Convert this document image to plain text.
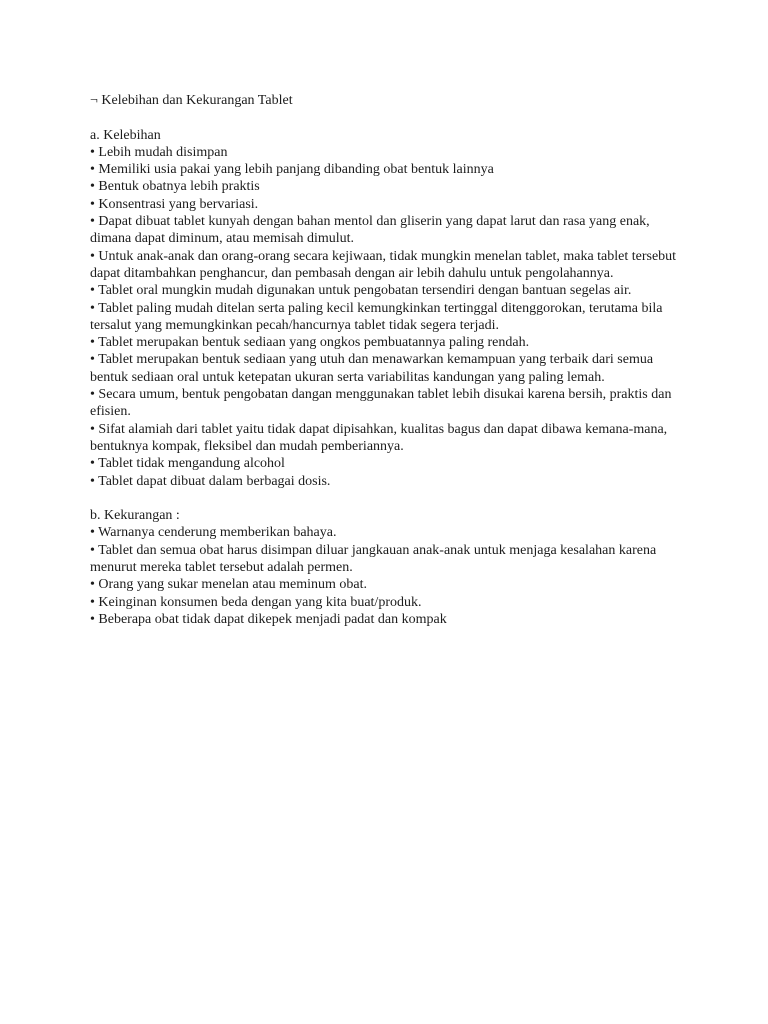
¬ Kelebihan dan Kekurangan Tablet

a. Kelebihan

• Lebih mudah disimpan
• Memiliki usia pakai yang lebih panjang dibanding obat bentuk lainnya
• Bentuk obatnya lebih praktis
• Konsentrasi yang bervariasi.
• Dapat dibuat tablet kunyah dengan bahan mentol dan gliserin yang dapat larut dan rasa yang enak, dimana dapat diminum, atau memisah dimulut.
• Untuk anak-anak dan orang-orang secara kejiwaan, tidak mungkin menelan tablet, maka tablet tersebut dapat ditambahkan penghancur, dan pembasah dengan air lebih dahulu untuk pengolahannya.
• Tablet oral mungkin mudah digunakan untuk pengobatan tersendiri dengan bantuan segelas air.
• Tablet paling mudah ditelan serta paling kecil kemungkinkan tertinggal ditenggorokan, terutama bila tersalut yang memungkinkan pecah/hancurnya tablet tidak segera terjadi.
• Tablet merupakan bentuk sediaan yang ongkos pembuatannya paling rendah.
• Tablet merupakan bentuk sediaan yang utuh dan menawarkan kemampuan yang terbaik dari semua bentuk sediaan oral untuk ketepatan ukuran serta variabilitas kandungan yang paling lemah.
• Secara umum, bentuk pengobatan dangan menggunakan tablet lebih disukai karena bersih, praktis dan efisien.
• Sifat alamiah dari tablet yaitu tidak dapat dipisahkan, kualitas bagus dan dapat dibawa kemana-mana, bentuknya kompak, fleksibel dan mudah pemberiannya.
• Tablet tidak mengandung alcohol
• Tablet dapat dibuat dalam berbagai dosis.

b. Kekurangan :

• Warnanya cenderung memberikan bahaya.
• Tablet dan semua obat harus disimpan diluar jangkauan anak-anak untuk menjaga kesalahan karena menurut mereka tablet tersebut adalah permen.
• Orang yang sukar menelan atau meminum obat.
• Keinginan konsumen beda dengan yang kita buat/produk.
• Beberapa obat tidak dapat dikepek menjadi padat dan kompak
